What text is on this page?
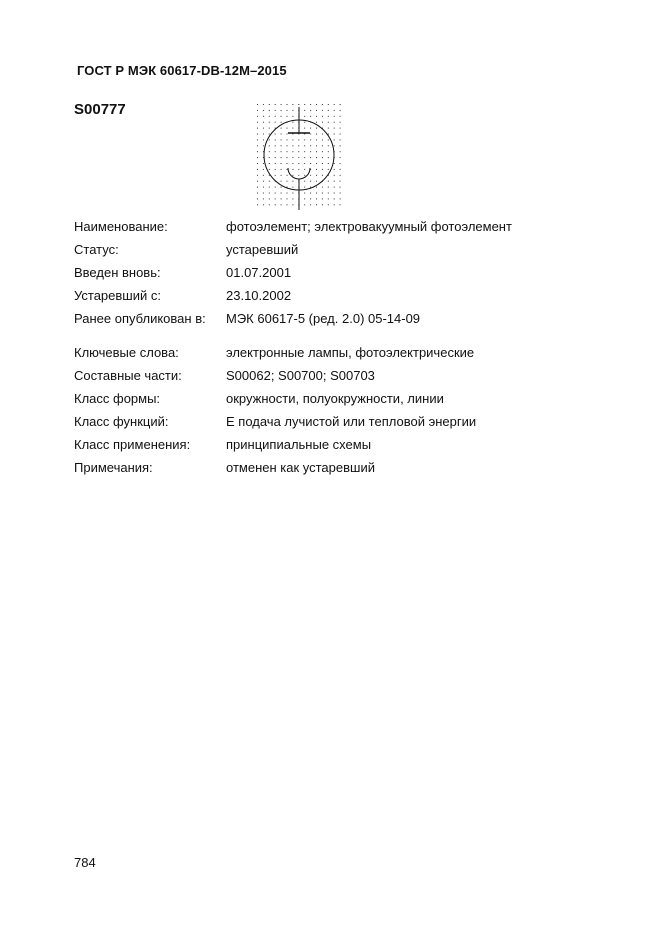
ГОСТ Р МЭК 60617-DB-12M–2015
S00777
Наименование:	фотоэлемент; электровакуумный фотоэлемент
Статус:	устаревший
Введен вновь:	01.07.2001
Устаревший с:	23.10.2002
Ранее опубликован в: МЭК 60617-5 (ред. 2.0) 05-14-09
Ключевые слова:	электронные лампы, фотоэлектрические
Составные части:	S00062; S00700; S00703
Класс формы:	окружности, полуокружности, линии
Класс функций:	E подача лучистой или тепловой энергии
Класс применения:	принципиальные схемы
Примечания:	отменен как устаревший
784
